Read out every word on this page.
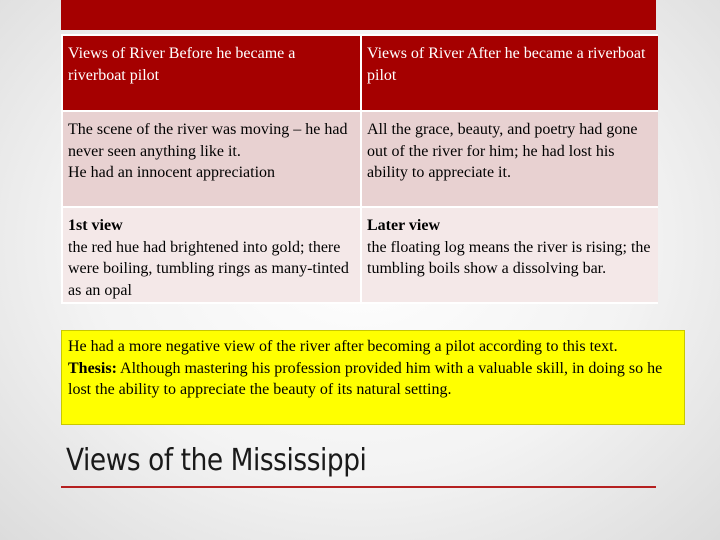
Views of River Before he became a riverboat pilot
Views of River After he became a riverboat pilot
The scene of the river was moving – he had never seen anything like it.
He had an innocent appreciation
All the grace, beauty, and poetry had gone out of the river for him; he had lost his ability to appreciate it.
1st view
the red hue had brightened into gold; there were boiling, tumbling rings as many-tinted as an opal
Later view
the floating log means the river is rising; the tumbling boils show a dissolving bar.
He had a more negative view of the river after becoming a pilot according to this text.
Thesis: Although mastering his profession provided him with a valuable skill, in doing so he lost the ability to appreciate the beauty of its natural setting.
Views of the Mississippi
